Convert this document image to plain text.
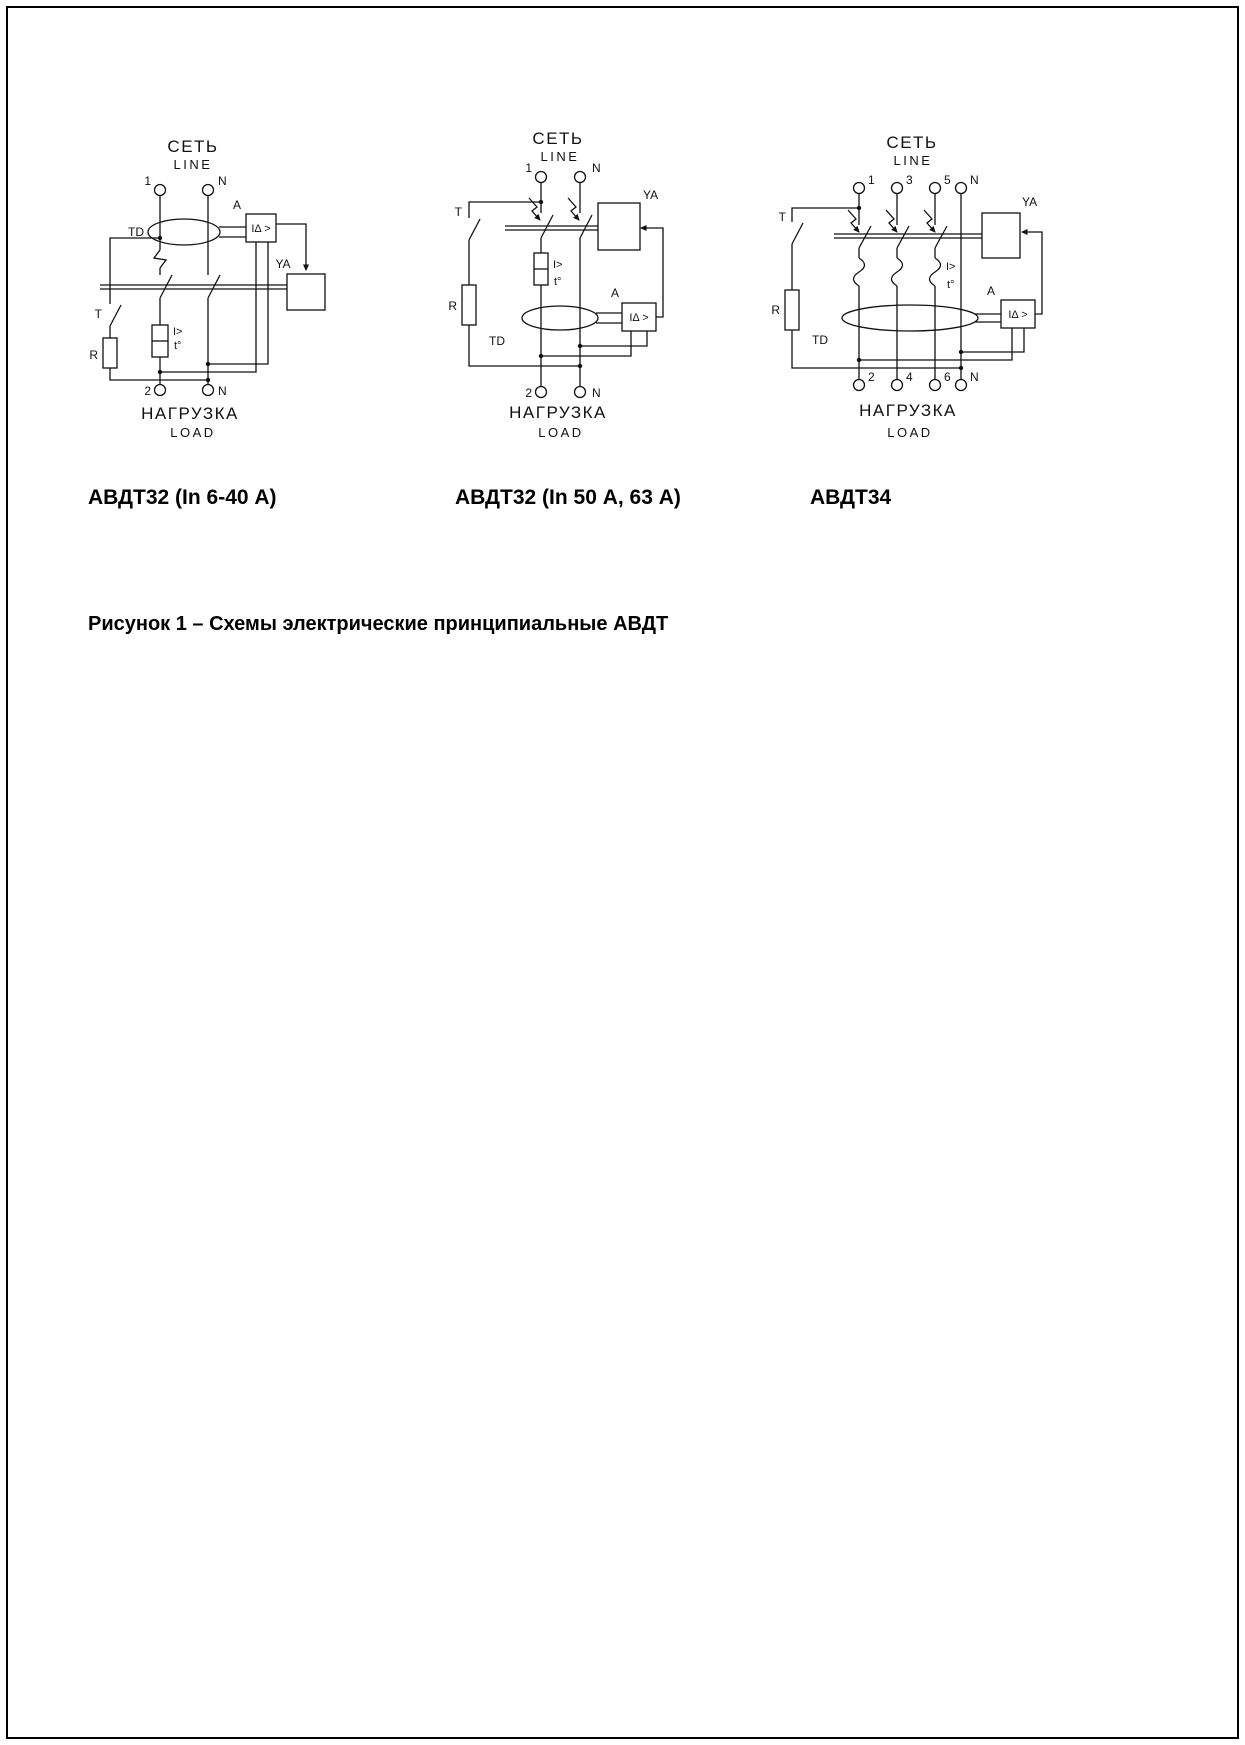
СЕТЬ
LINE
1	N
TD
A
IΔ >
YA
T
R
I>
t°
2	N
НАГРУЗКА
LOAD
СЕТЬ
LINE
1	N
T
R
YA
I>
t°
TD
A
IΔ >
2	N
НАГРУЗКА
LOAD
СЕТЬ
LINE
1	3	5 N
T
R
YA
I>
t°
TD
A
IΔ >
2	4	6 N
НАГРУЗКА
LOAD
АВДТ32 (In 6-40 А)	АВДТ32 (In 50 А, 63 А)	АВДТ34
Рисунок 1 – Схемы электрические принципиальные АВДТ
